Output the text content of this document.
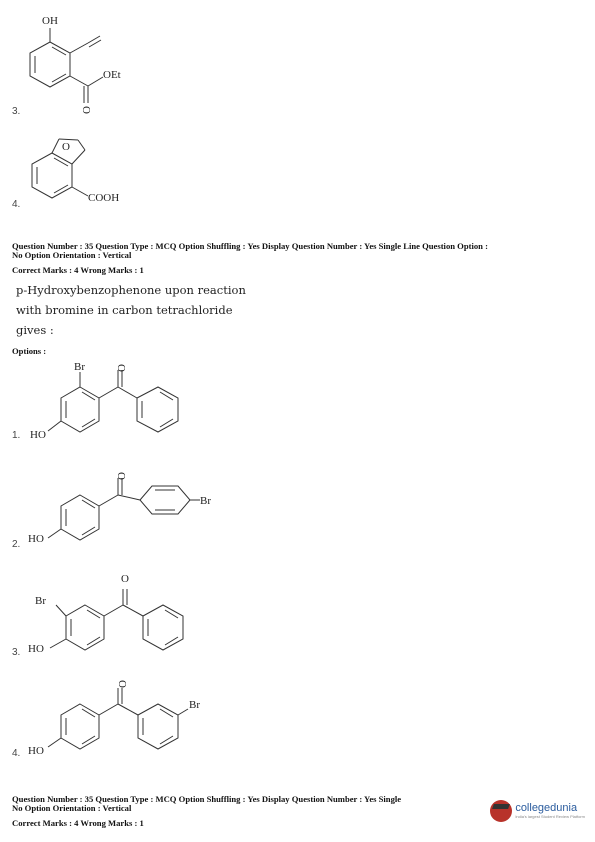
OH
OEt
O
3.
O
COOH
4.
Question Number : 35 Question Type : MCQ Option Shuffling : Yes Display Question Number : Yes Single Line Question Option :
No Option Orientation : Vertical
Correct Marks : 4 Wrong Marks : 1
p-Hydroxybenzophenone upon reaction
with bromine in carbon tetrachloride
gives :
Options :
Br	O
HO
1.
O
Br
HO
2.
Br
O
HO
3.
O
Br
HO
4.
Question Number : 35 Question Type : MCQ Option Shuffling : Yes Display Question Number : Yes Single
No Option Orientation : Vertical
Correct Marks : 4 Wrong Marks : 1
collegedunia
India's largest Student Review Platform
